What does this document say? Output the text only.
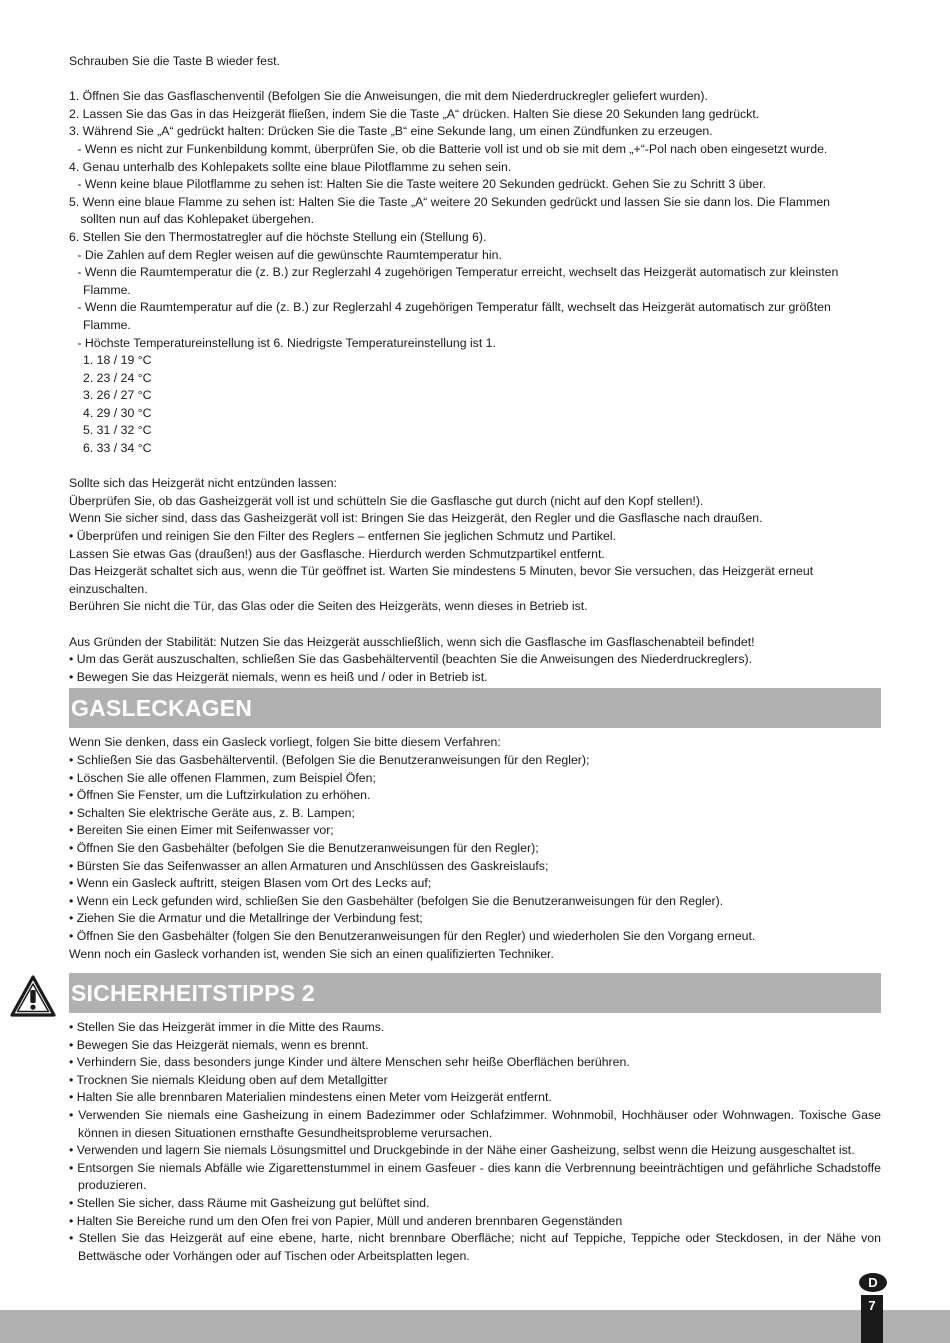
Schrauben Sie die Taste B wieder fest.

1. Öffnen Sie das Gasflaschenventil (Befolgen Sie die Anweisungen, die mit dem Niederdruckregler geliefert wurden).

2. Lassen Sie das Gas in das Heizgerät fließen, indem Sie die Taste „A“ drücken. Halten Sie diese 20 Sekunden lang gedrückt.

3. Während Sie „A“ gedrückt halten: Drücken Sie die Taste „B“ eine Sekunde lang, um einen Zündfunken zu erzeugen.

- Wenn es nicht zur Funkenbildung kommt, überprüfen Sie, ob die Batterie voll ist und ob sie mit dem „+“-Pol nach oben eingesetzt wurde.

4. Genau unterhalb des Kohlepakets sollte eine blaue Pilotflamme zu sehen sein.

- Wenn keine blaue Pilotflamme zu sehen ist: Halten Sie die Taste weitere 20 Sekunden gedrückt. Gehen Sie zu Schritt 3 über.

5. Wenn eine blaue Flamme zu sehen ist: Halten Sie die Taste „A“ weitere 20 Sekunden gedrückt und lassen Sie sie dann los. Die Flammen

sollten nun auf das Kohlepaket übergehen.

6. Stellen Sie den Thermostatregler auf die höchste Stellung ein (Stellung 6).

- Die Zahlen auf dem Regler weisen auf die gewünschte Raumtemperatur hin.

- Wenn die Raumtemperatur die (z. B.) zur Reglerzahl 4 zugehörigen Temperatur erreicht, wechselt das Heizgerät automatisch zur kleinsten

Flamme.

- Wenn die Raumtemperatur auf die (z. B.) zur Reglerzahl 4 zugehörigen Temperatur fällt, wechselt das Heizgerät automatisch zur größten

Flamme.

- Höchste Temperatureinstellung ist 6. Niedrigste Temperatureinstellung ist 1.

1. 18 / 19 °C

2. 23 / 24 °C

3. 26 / 27 °C

4. 29 / 30 °C

5. 31 / 32 °C

6. 33 / 34 °C

Sollte sich das Heizgerät nicht entzünden lassen:

Überprüfen Sie, ob das Gasheizgerät voll ist und schütteln Sie die Gasflasche gut durch (nicht auf den Kopf stellen!).

Wenn Sie sicher sind, dass das Gasheizgerät voll ist: Bringen Sie das Heizgerät, den Regler und die Gasflasche nach draußen.

• Überprüfen und reinigen Sie den Filter des Reglers – entfernen Sie jeglichen Schmutz und Partikel.

Lassen Sie etwas Gas (draußen!) aus der Gasflasche. Hierdurch werden Schmutzpartikel entfernt.

Das Heizgerät schaltet sich aus, wenn die Tür geöffnet ist. Warten Sie mindestens 5 Minuten, bevor Sie versuchen, das Heizgerät erneut

einzuschalten.

Berühren Sie nicht die Tür, das Glas oder die Seiten des Heizgeräts, wenn dieses in Betrieb ist.

Aus Gründen der Stabilität: Nutzen Sie das Heizgerät ausschließlich, wenn sich die Gasflasche im Gasflaschenabteil befindet!

• Um das Gerät auszuschalten, schließen Sie das Gasbehälterventil (beachten Sie die Anweisungen des Niederdruckreglers).

• Bewegen Sie das Heizgerät niemals, wenn es heiß und / oder in Betrieb ist.

GASLECKAGEN

Wenn Sie denken, dass ein Gasleck vorliegt, folgen Sie bitte diesem Verfahren:

• Schließen Sie das Gasbehälterventil. (Befolgen Sie die Benutzeranweisungen für den Regler);

• Löschen Sie alle offenen Flammen, zum Beispiel Öfen;

• Öffnen Sie Fenster, um die Luftzirkulation zu erhöhen.

• Schalten Sie elektrische Geräte aus, z. B. Lampen;

• Bereiten Sie einen Eimer mit Seifenwasser vor;

• Öffnen Sie den Gasbehälter (befolgen Sie die Benutzeranweisungen für den Regler);

• Bürsten Sie das Seifenwasser an allen Armaturen und Anschlüssen des Gaskreislaufs;

• Wenn ein Gasleck auftritt, steigen Blasen vom Ort des Lecks auf;

• Wenn ein Leck gefunden wird, schließen Sie den Gasbehälter (befolgen Sie die Benutzeranweisungen für den Regler).

• Ziehen Sie die Armatur und die Metallringe der Verbindung fest;

• Öffnen Sie den Gasbehälter (folgen Sie den Benutzeranweisungen für den Regler) und wiederholen Sie den Vorgang erneut.

Wenn noch ein Gasleck vorhanden ist, wenden Sie sich an einen qualifizierten Techniker.

SICHERHEITSTIPPS 2

• Stellen Sie das Heizgerät immer in die Mitte des Raums.

• Bewegen Sie das Heizgerät niemals, wenn es brennt.

• Verhindern Sie, dass besonders junge Kinder und ältere Menschen sehr heiße Oberflächen berühren.

• Trocknen Sie niemals Kleidung oben auf dem Metallgitter

• Halten Sie alle brennbaren Materialien mindestens einen Meter vom Heizgerät entfernt.

• Verwenden Sie niemals eine Gasheizung in einem Badezimmer oder Schlafzimmer. Wohnmobil, Hochhäuser oder Wohnwagen. Toxische Gase können in diesen Situationen ernsthafte Gesundheitsprobleme verursachen.

• Verwenden und lagern Sie niemals Lösungsmittel und Druckgebinde in der Nähe einer Gasheizung, selbst wenn die Heizung ausgeschaltet ist.

• Entsorgen Sie niemals Abfälle wie Zigarettenstummel in einem Gasfeuer - dies kann die Verbrennung beeinträchtigen und gefährliche Schadstoffe produzieren.

• Stellen Sie sicher, dass Räume mit Gasheizung gut belüftet sind.

• Halten Sie Bereiche rund um den Ofen frei von Papier, Müll und anderen brennbaren Gegenständen

• Stellen Sie das Heizgerät auf eine ebene, harte, nicht brennbare Oberfläche; nicht auf Teppiche, Teppiche oder Steckdosen, in der Nähe von Bettwäsche oder Vorhängen oder auf Tischen oder Arbeitsplatten legen.

D
7
